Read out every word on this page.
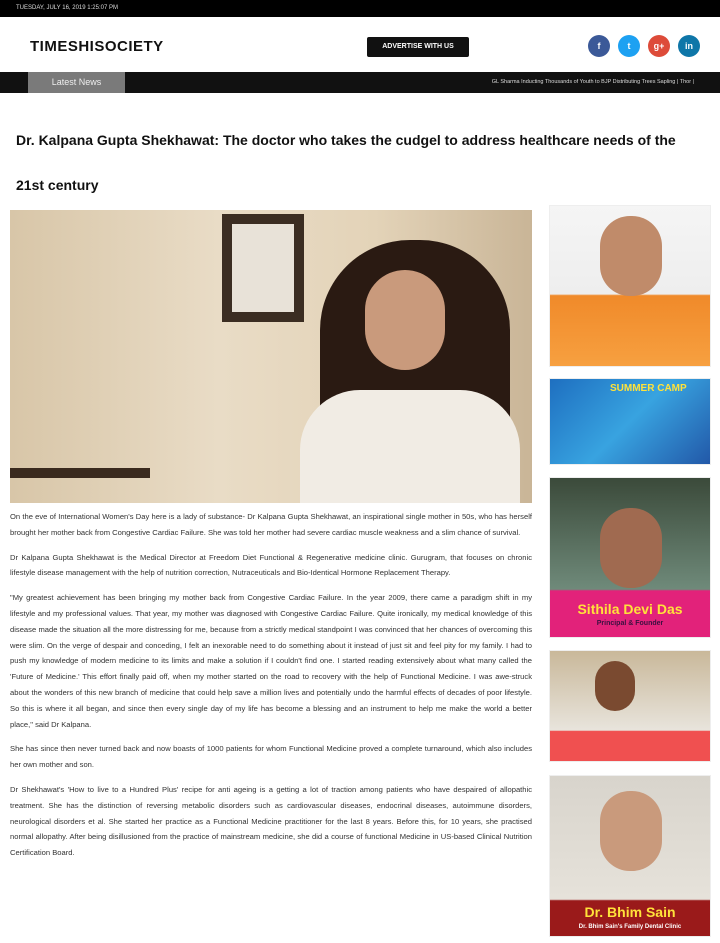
TUESDAY, JULY 16, 2019 1:25:07 PM
TIMESHISOCIETY	ADVERTISE WITH US	f	t	g+	in
Latest News	GL Sharma Inducting Thousands of Youth to BJP Distributing Trees Sapling | Thor |
Dr. Kalpana Gupta Shekhawat: The doctor who takes the cudgel to address healthcare needs of the 21st century

On the eve of International Women's Day here is a lady of substance- Dr Kalpana Gupta Shekhawat, an inspirational single mother in 50s, who has herself brought her mother back from Congestive Cardiac Failure. She was told her mother had severe cardiac muscle weakness and a slim chance of survival.

Dr Kalpana Gupta Shekhawat is the Medical Director at Freedom Diet Functional & Regenerative medicine clinic. Gurugram, that focuses on chronic lifestyle disease management with the help of nutrition correction, Nutraceuticals and Bio-Identical Hormone Replacement Therapy.

"My greatest achievement has been bringing my mother back from Congestive Cardiac Failure. In the year 2009, there came a paradigm shift in my lifestyle and my professional values. That year, my mother was diagnosed with Congestive Cardiac Failure. Quite ironically, my medical knowledge of this disease made the situation all the more distressing for me, because from a strictly medical standpoint I was convinced that her chances of overcoming this were slim. On the verge of despair and conceding, I felt an inexorable need to do something about it instead of just sit and feel pity for my family. I had to push my knowledge of modern medicine to its limits and make a solution if I couldn't find one. I started reading extensively about what many called the 'Future of Medicine.' This effort finally paid off, when my mother started on the road to recovery with the help of Functional Medicine. I was awe-struck about the wonders of this new branch of medicine that could help save a million lives and potentially undo the harmful effects of decades of poor lifestyle. So this is where it all began, and since then every single day of my life has become a blessing and an instrument to help me make the world a better place," said Dr Kalpana.

She has since then never turned back and now boasts of 1000 patients for whom Functional Medicine proved a complete turnaround, which also includes her own mother and son.

Dr Shekhawat's 'How to live to a Hundred Plus' recipe for anti ageing is a getting a lot of traction among patients who have despaired of allopathic treatment. She has the distinction of reversing metabolic disorders such as cardiovascular diseases, endocrinal diseases, autoimmune disorders, neurological disorders et al. She started her practice as a Functional Medicine practitioner for the last 8 years. Before this, for 10 years, she practised normal allopathy. After being disillusioned from the practice of mainstream medicine, she did a course of functional Medicine in US-based Clinical Nutrition Certification Board.

SUMMER CAMP
Sithila Devi Das
Principal & Founder
Dr. Bhim Sain
Dr. Bhim Sain's Family Dental Clinic
